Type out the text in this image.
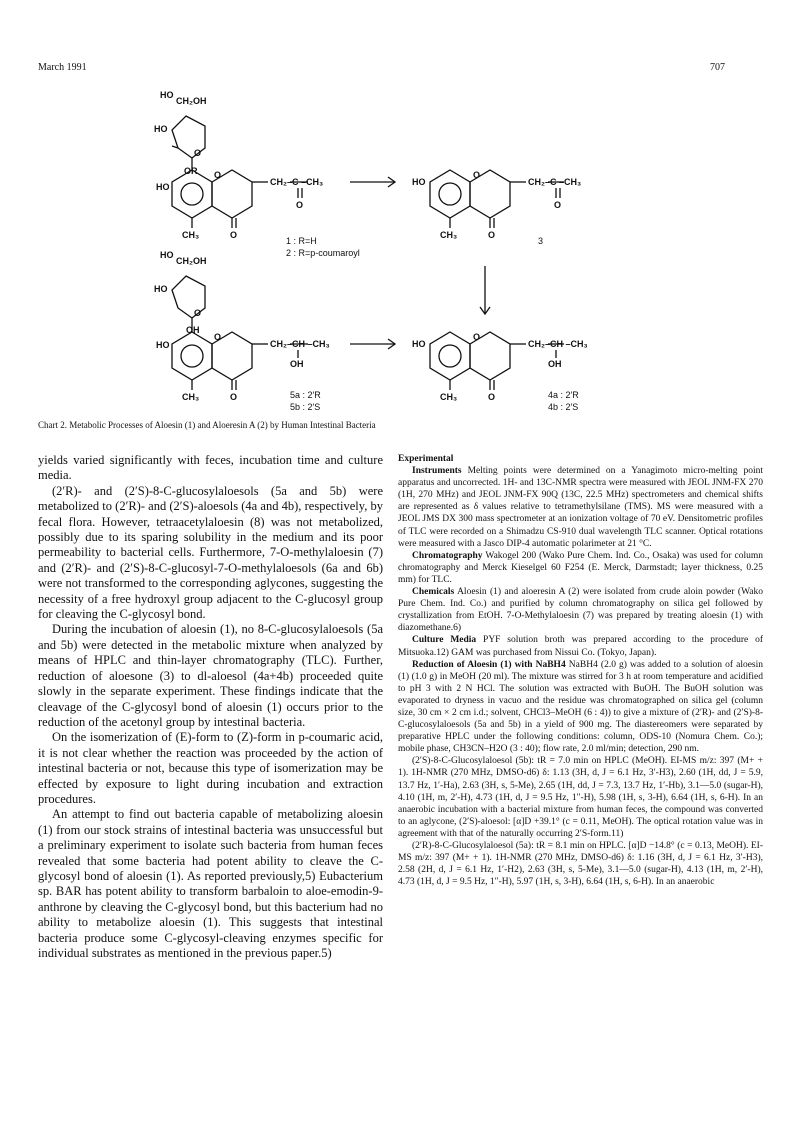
March 1991	707
HO
CH₂OH
HO
O
OR
HO
O
CH₂–C –CH₃
O
O
CH₃
HO
O
CH₂–C –CH₃
O
O
CH₃
HO
CH₂OH
HO
O
OH
HO
O
CH₂–CH –CH₃
OH
O
CH₃
HO
O
CH₂–CH –CH₃
OH
O
CH₃
1 : R=H
2 : R=p-coumaroyl
3
5a : 2′R
5b : 2′S
4a : 2′R
4b : 2′S
Chart 2. Metabolic Processes of Aloesin (1) and Aloeresin A (2) by Human Intestinal Bacteria

yields varied significantly with feces, incubation time and culture media.

(2′R)- and (2′S)-8-C-glucosylaloesols (5a and 5b) were metabolized to (2′R)- and (2′S)-aloesols (4a and 4b), respectively, by fecal flora. However, tetraacetylaloesin (8) was not metabolized, possibly due to its sparing solubility in the medium and its poor permeability to bacterial cells. Furthermore, 7-O-methylaloesin (7) and (2′R)- and (2′S)-8-C-glucosyl-7-O-methylaloesols (6a and 6b) were not transformed to the corresponding aglycones, suggesting the necessity of a free hydroxyl group adjacent to the C-glucosyl group for cleaving the C-glycosyl bond.

During the incubation of aloesin (1), no 8-C-glucosylaloesols (5a and 5b) were detected in the metabolic mixture when analyzed by means of HPLC and thin-layer chromatography (TLC). Further, reduction of aloesone (3) to dl-aloesol (4a+4b) proceeded quite slowly in the separate experiment. These findings indicate that the cleavage of the C-glycosyl bond of aloesin (1) occurs prior to the reduction of the acetonyl group by intestinal bacteria.

On the isomerization of (E)-form to (Z)-form in p-coumaric acid, it is not clear whether the reaction was proceeded by the action of intestinal bacteria or not, because this type of isomerization may be effected by exposure to light during incubation and extraction procedures.

An attempt to find out bacteria capable of metabolizing aloesin (1) from our stock strains of intestinal bacteria was unsuccessful but a preliminary experiment to isolate such bacteria from human feces revealed that some bacteria had potent ability to cleave the C-glycosyl bond of aloesin (1). As reported previously,5) Eubacterium sp. BAR has potent ability to transform barbaloin to aloe-emodin-9-anthrone by cleaving the C-glycosyl bond, but this bacterium had no ability to metabolize aloesin (1). This suggests that intestinal bacteria produce some C-glycosyl-cleaving enzymes specific for individual substrates as mentioned in the previous paper.5)

Experimental

Instruments Melting points were determined on a Yanagimoto micro-melting point apparatus and uncorrected. 1H- and 13C-NMR spectra were measured with JEOL JNM-FX 270 (1H, 270 MHz) and JEOL JNM-FX 90Q (13C, 22.5 MHz) spectrometers and chemical shifts are represented as δ values relative to tetramethylsilane (TMS). MS were measured with a JEOL JMS DX 300 mass spectrometer at an ionization voltage of 70 eV. Densitometric profiles of TLC were recorded on a Shimadzu CS-910 dual wavelength TLC scanner. Optical rotations were measured with a Jasco DIP-4 automatic polarimeter at 21 °C.

Chromatography Wakogel 200 (Wako Pure Chem. Ind. Co., Osaka) was used for column chromatography and Merck Kieselgel 60 F254 (E. Merck, Darmstadt; layer thickness, 0.25 mm) for TLC.

Chemicals Aloesin (1) and aloeresin A (2) were isolated from crude aloin powder (Wako Pure Chem. Ind. Co.) and purified by column chromatography on silica gel followed by crystallization from EtOH. 7-O-Methylaloesin (7) was prepared by treating aloesin (1) with diazomethane.6)

Culture Media PYF solution broth was prepared according to the procedure of Mitsuoka.12) GAM was purchased from Nissui Co. (Tokyo, Japan).

Reduction of Aloesin (1) with NaBH4 NaBH4 (2.0 g) was added to a solution of aloesin (1) (1.0 g) in MeOH (20 ml). The mixture was stirred for 3 h at room temperature and acidified to pH 3 with 2 N HCl. The solution was extracted with BuOH. The BuOH solution was evaporated to dryness in vacuo and the residue was chromatographed on silica gel (column size, 30 cm × 2 cm i.d.; solvent, CHCl3–MeOH (6 : 4)) to give a mixture of (2′R)- and (2′S)-8-C-glucosylaloesols (5a and 5b) in a yield of 900 mg. The diastereomers were separated by preparative HPLC under the following conditions: column, ODS-10 (Nomura Chem. Co.); mobile phase, CH3CN–H2O (3 : 40); flow rate, 2.0 ml/min; detection, 290 nm.

(2′S)-8-C-Glucosylaloesol (5b): tR = 7.0 min on HPLC (MeOH). EI-MS m/z: 397 (M+ + 1). 1H-NMR (270 MHz, DMSO-d6) δ: 1.13 (3H, d, J = 6.1 Hz, 3′-H3), 2.60 (1H, dd, J = 5.9, 13.7 Hz, 1′-Ha), 2.63 (3H, s, 5-Me), 2.65 (1H, dd, J = 7.3, 13.7 Hz, 1′-Hb), 3.1—5.0 (sugar-H), 4.10 (1H, m, 2′-H), 4.73 (1H, d, J = 9.5 Hz, 1″-H), 5.98 (1H, s, 3-H), 6.64 (1H, s, 6-H). In an anaerobic incubation with a bacterial mixture from human feces, the compound was converted to an aglycone, (2′S)-aloesol: [α]D +39.1° (c = 0.11, MeOH). The optical rotation value was in agreement with that of the naturally occurring 2′S-form.11)

(2′R)-8-C-Glucosylaloesol (5a): tR = 8.1 min on HPLC. [α]D −14.8° (c = 0.13, MeOH). EI-MS m/z: 397 (M+ + 1). 1H-NMR (270 MHz, DMSO-d6) δ: 1.16 (3H, d, J = 6.1 Hz, 3′-H3), 2.58 (2H, d, J = 6.1 Hz, 1′-H2), 2.63 (3H, s, 5-Me), 3.1—5.0 (sugar-H), 4.13 (1H, m, 2′-H), 4.73 (1H, d, J = 9.5 Hz, 1″-H), 5.97 (1H, s, 3-H), 6.64 (1H, s, 6-H). In an anaerobic
